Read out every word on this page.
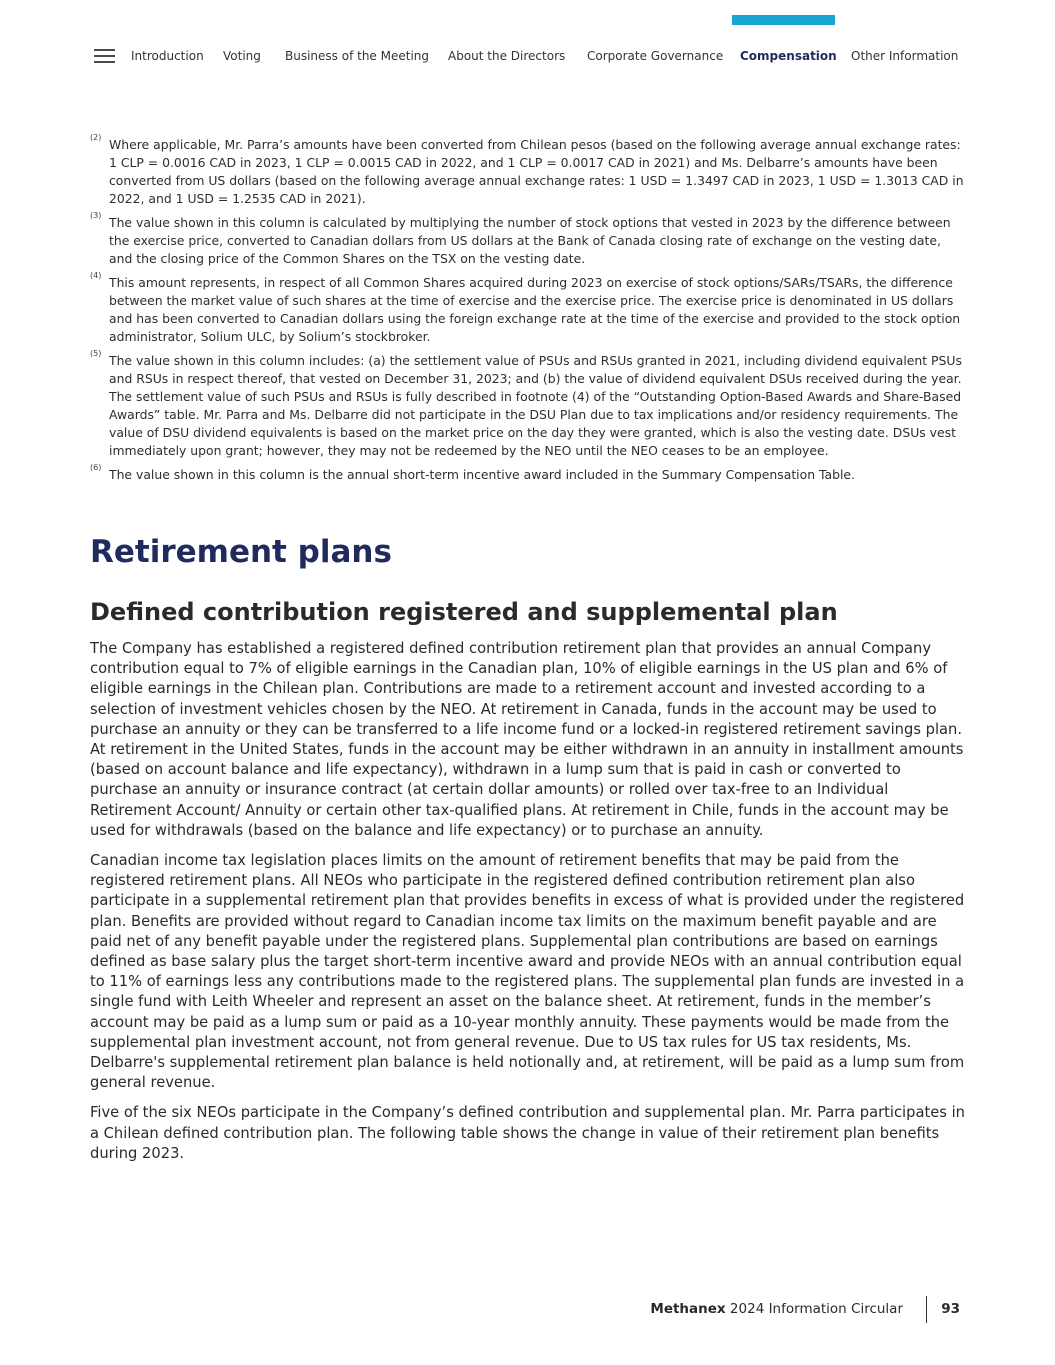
Introduction Voting Business of the Meeting About the Directors Corporate Governance Compensation Other Information
(2) Where applicable, Mr. Parra’s amounts have been converted from Chilean pesos (based on the following average annual exchange rates: 1 CLP = 0.0016 CAD in 2023, 1 CLP = 0.0015 CAD in 2022, and 1 CLP = 0.0017 CAD in 2021) and Ms. Delbarre’s amounts have been converted from US dollars (based on the following average annual exchange rates: 1 USD = 1.3497 CAD in 2023, 1 USD = 1.3013 CAD in 2022, and 1 USD = 1.2535 CAD in 2021).
(3) The value shown in this column is calculated by multiplying the number of stock options that vested in 2023 by the difference between the exercise price, converted to Canadian dollars from US dollars at the Bank of Canada closing rate of exchange on the vesting date, and the closing price of the Common Shares on the TSX on the vesting date.
(4) This amount represents, in respect of all Common Shares acquired during 2023 on exercise of stock options/SARs/TSARs, the difference between the market value of such shares at the time of exercise and the exercise price. The exercise price is denominated in US dollars and has been converted to Canadian dollars using the foreign exchange rate at the time of the exercise and provided to the stock option administrator, Solium ULC, by Solium’s stockbroker.
(5) The value shown in this column includes: (a) the settlement value of PSUs and RSUs granted in 2021, including dividend equivalent PSUs and RSUs in respect thereof, that vested on December 31, 2023; and (b) the value of dividend equivalent DSUs received during the year. The settlement value of such PSUs and RSUs is fully described in footnote (4) of the “Outstanding Option-Based Awards and Share-Based Awards” table. Mr. Parra and Ms. Delbarre did not participate in the DSU Plan due to tax implications and/or residency requirements. The value of DSU dividend equivalents is based on the market price on the day they were granted, which is also the vesting date. DSUs vest immediately upon grant; however, they may not be redeemed by the NEO until the NEO ceases to be an employee.
(6) The value shown in this column is the annual short-term incentive award included in the Summary Compensation Table.
Retirement plans
Defined contribution registered and supplemental plan

The Company has established a registered defined contribution retirement plan that provides an annual Company contribution equal to 7% of eligible earnings in the Canadian plan, 10% of eligible earnings in the US plan and 6% of eligible earnings in the Chilean plan. Contributions are made to a retirement account and invested according to a selection of investment vehicles chosen by the NEO. At retirement in Canada, funds in the account may be used to purchase an annuity or they can be transferred to a life income fund or a locked-in registered retirement savings plan. At retirement in the United States, funds in the account may be either withdrawn in an annuity in installment amounts (based on account balance and life expectancy), withdrawn in a lump sum that is paid in cash or converted to purchase an annuity or insurance contract (at certain dollar amounts) or rolled over tax-free to an Individual Retirement Account/ Annuity or certain other tax-qualified plans. At retirement in Chile, funds in the account may be used for withdrawals (based on the balance and life expectancy) or to purchase an annuity.

Canadian income tax legislation places limits on the amount of retirement benefits that may be paid from the registered retirement plans. All NEOs who participate in the registered defined contribution retirement plan also participate in a supplemental retirement plan that provides benefits in excess of what is provided under the registered plan. Benefits are provided without regard to Canadian income tax limits on the maximum benefit payable and are paid net of any benefit payable under the registered plans. Supplemental plan contributions are based on earnings defined as base salary plus the target short-term incentive award and provide NEOs with an annual contribution equal to 11% of earnings less any contributions made to the registered plans. The supplemental plan funds are invested in a single fund with Leith Wheeler and represent an asset on the balance sheet. At retirement, funds in the member’s account may be paid as a lump sum or paid as a 10-year monthly annuity. These payments would be made from the supplemental plan investment account, not from general revenue. Due to US tax rules for US tax residents, Ms. Delbarre's supplemental retirement plan balance is held notionally and, at retirement, will be paid as a lump sum from general revenue.

Five of the six NEOs participate in the Company’s defined contribution and supplemental plan. Mr. Parra participates in a Chilean defined contribution plan. The following table shows the change in value of their retirement plan benefits during 2023.

Methanex 2024 Information Circular	93
